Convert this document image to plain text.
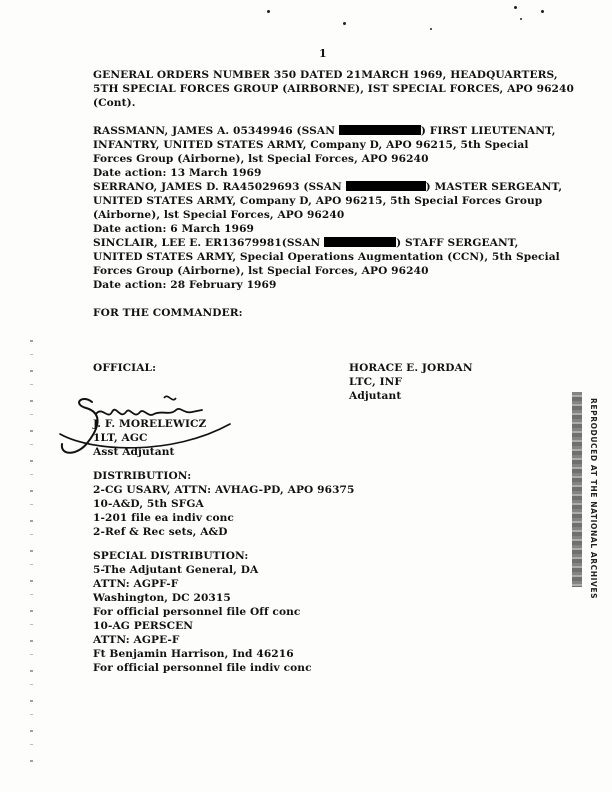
1
GENERAL ORDERS NUMBER 350 DATED 21MARCH 1969, HEADQUARTERS,
5TH SPECIAL FORCES GROUP (AIRBORNE), IST SPECIAL FORCES, APO 96240
(Cont).
RASSMANN, JAMES A. 05349946 (SSAN	) FIRST LIEUTENANT,
INFANTRY, UNITED STATES ARMY, Company D, APO 96215, 5th Special
Forces Group (Airborne), lst Special Forces, APO 96240
Date action: 13 March 1969
SERRANO, JAMES D. RA45029693 (SSAN	) MASTER SERGEANT,
UNITED STATES ARMY, Company D, APO 96215, 5th Special Forces Group
(Airborne), lst Special Forces, APO 96240
Date action: 6 March 1969
SINCLAIR, LEE E. ER13679981(SSAN	) STAFF SERGEANT,
UNITED STATES ARMY, Special Operations Augmentation (CCN), 5th Special
Forces Group (Airborne), lst Special Forces, APO 96240
Date action: 28 February 1969
FOR THE COMMANDER:
OFFICIAL:	HORACE E. JORDAN
LTC, INF
Adjutant
J. F. MORELEWICZ
1LT, AGC
Asst Adjutant
DISTRIBUTION:
2-CG USARV, ATTN: AVHAG-PD, APO 96375
10-A&D, 5th SFGA
1-201 file ea indiv conc
2-Ref & Rec sets, A&D
SPECIAL DISTRIBUTION:
5-The Adjutant General, DA
ATTN: AGPF-F
Washington, DC 20315
For official personnel file Off conc
10-AG PERSCEN
ATTN: AGPE-F
Ft Benjamin Harrison, Ind 46216
For official personnel file indiv conc
REPRODUCED AT THE NATIONAL ARCHIVES
